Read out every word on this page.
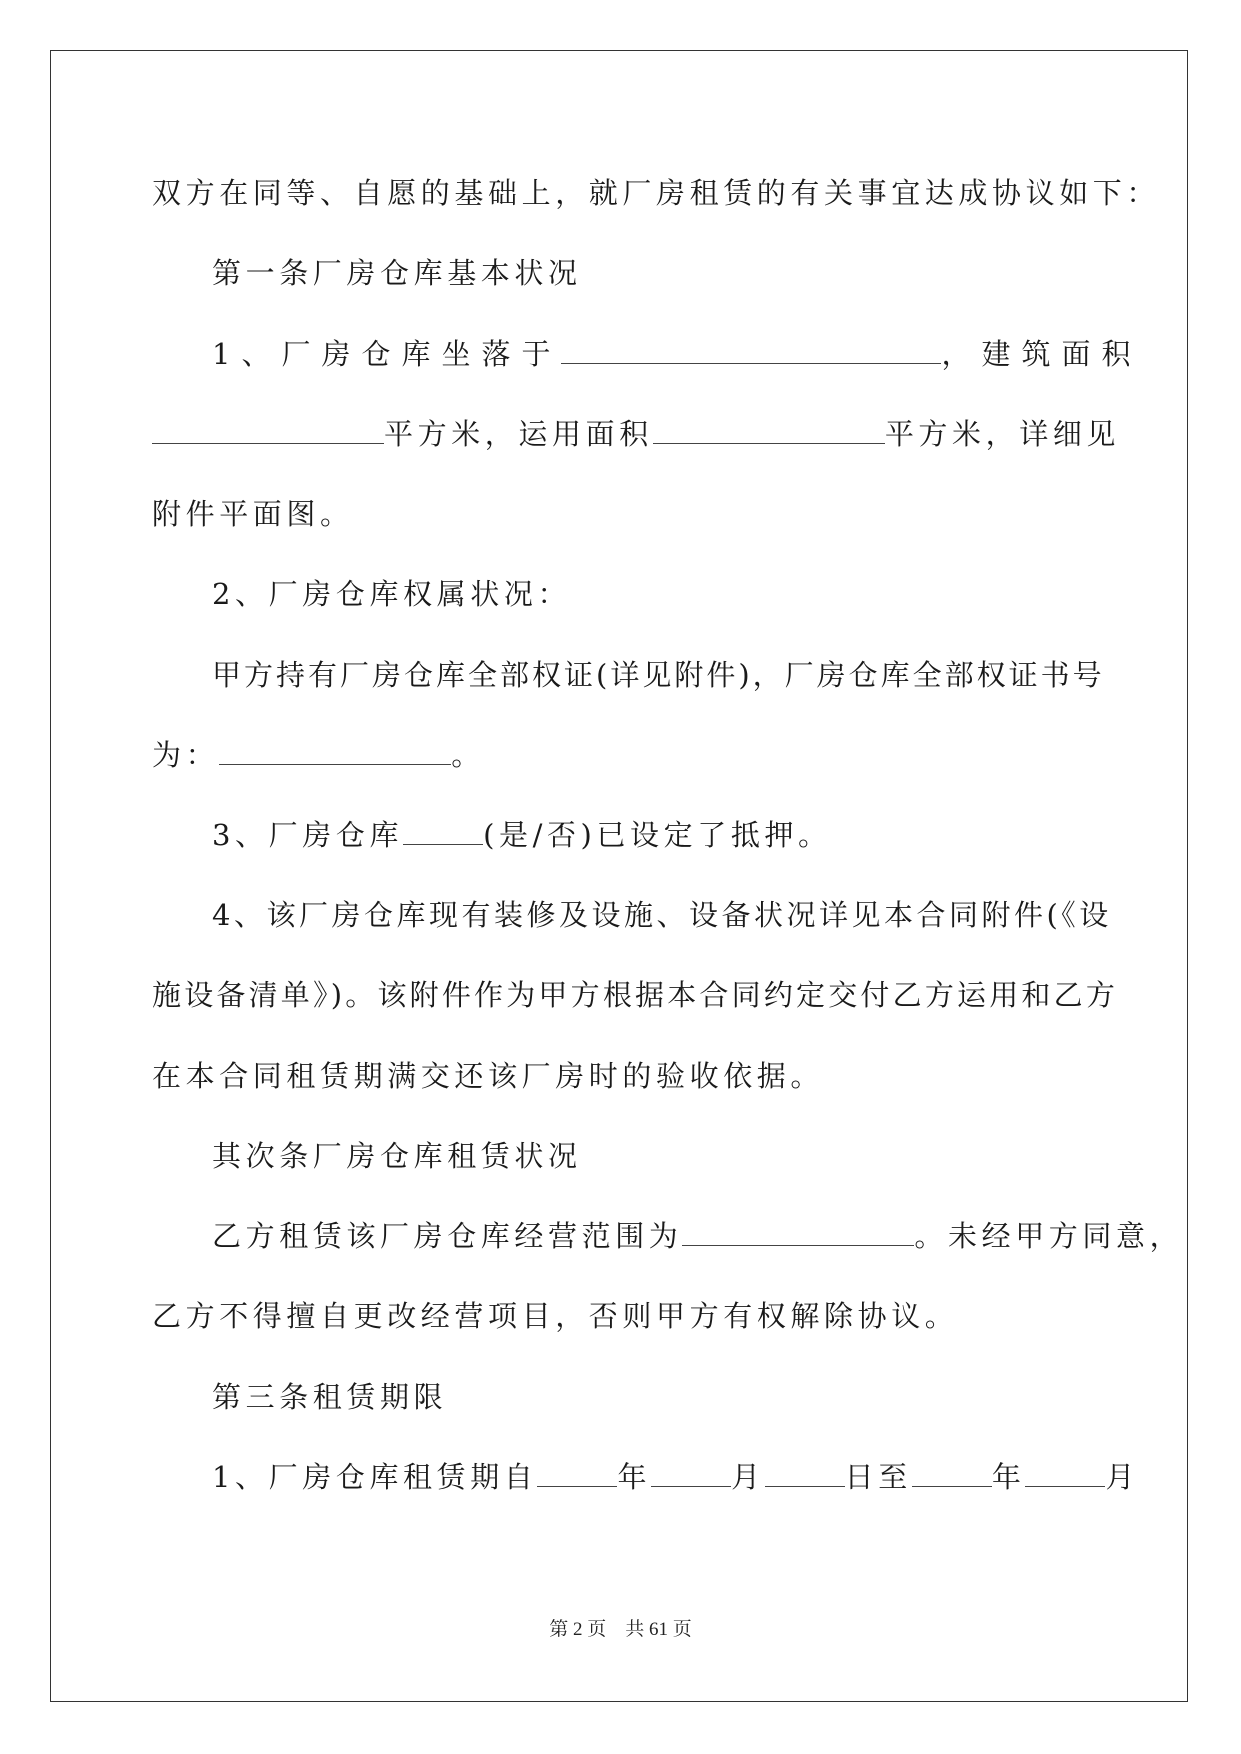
双方在同等、自愿的基础上，就厂房租赁的有关事宜达成协议如下：
第一条厂房仓库基本状况
1、厂房仓库坐落于	，建筑面积
平方米，运用面积	平方米，详细见
附件平面图。
2、厂房仓库权属状况：
甲方持有厂房仓库全部权证(详见附件)，厂房仓库全部权证书号
为：	。
3、厂房仓库	(是/否)已设定了抵押。
4、该厂房仓库现有装修及设施、设备状况详见本合同附件(《设
施设备清单》)。该附件作为甲方根据本合同约定交付乙方运用和乙方
在本合同租赁期满交还该厂房时的验收依据。
其次条厂房仓库租赁状况
乙方租赁该厂房仓库经营范围为	。未经甲方同意，
乙方不得擅自更改经营项目，否则甲方有权解除协议。
第三条租赁期限
1、厂房仓库租赁期自	年	月	日至	年	月
第 2 页    共 61 页
